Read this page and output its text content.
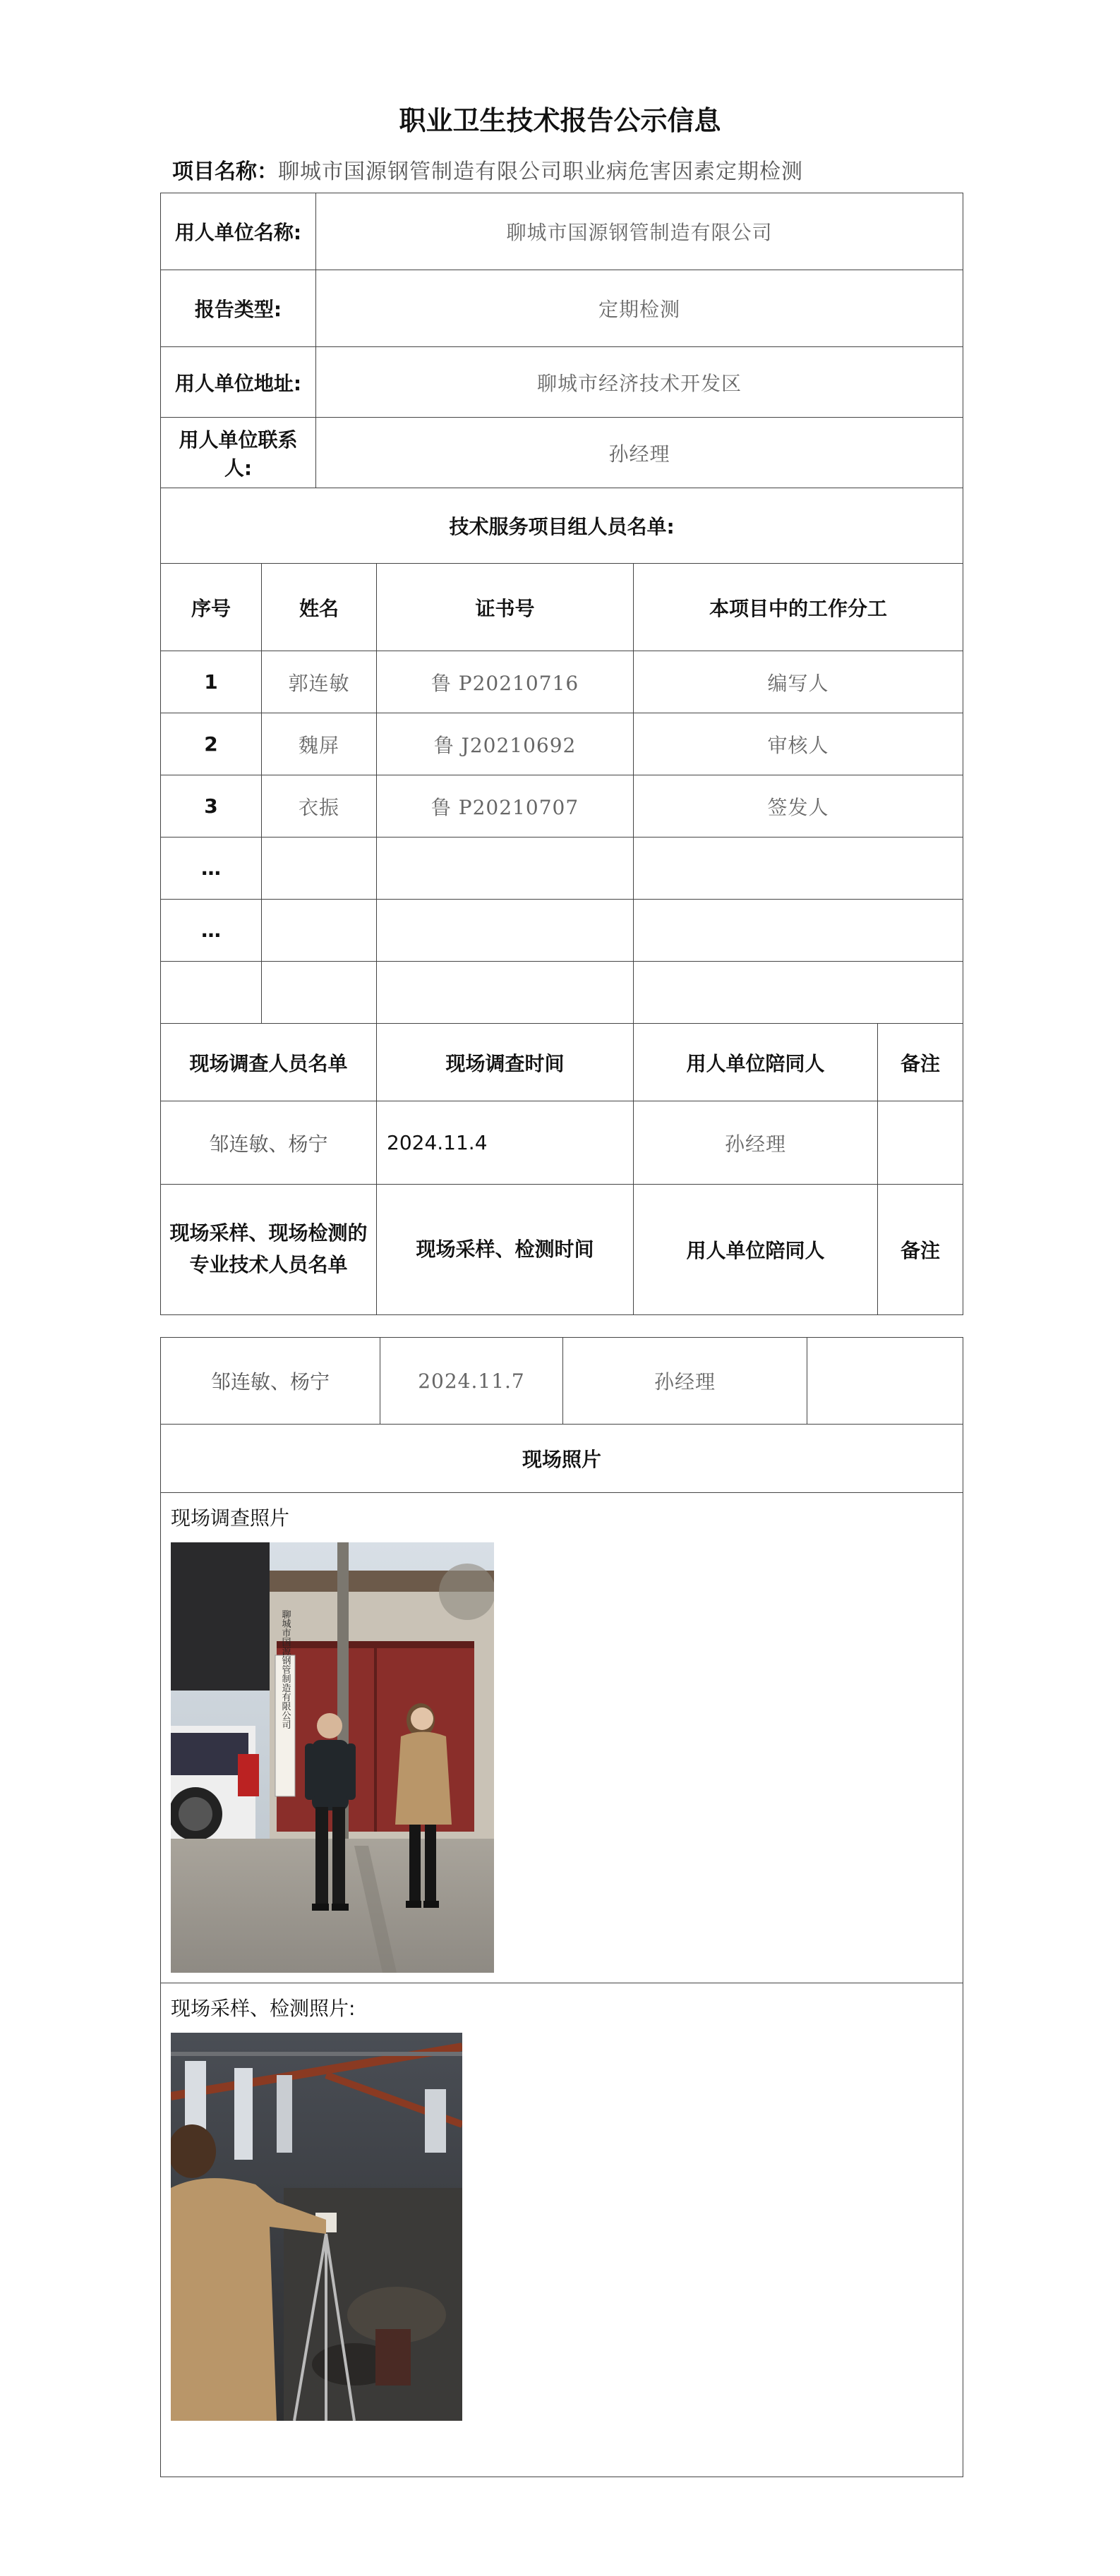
职业卫生技术报告公示信息
项目名称：聊城市国源钢管制造有限公司职业病危害因素定期检测
用人单位名称:		聊城市国源钢管制造有限公司			
报告类型:		定期检测			
用人单位地址:		聊城市经济技术开发区			
用人单位联系人:		孙经理			
技术服务项目组人员名单:					
序号	姓名		证书号	本项目中的工作分工	
1	郭连敏		鲁 P20210716	编写人	
2	魏屏		鲁 J20210692	审核人	
3	衣振		鲁 P20210707	签发人	
…					
…					

现场调查人员名单			现场调查时间	用人单位陪同人	备注
邹连敏、杨宁			2024.11.4	孙经理	
现场采样、现场检测的专业技术人员名单			现场采样、检测时间	用人单位陪同人	备注
邹连敏、杨宁	2024.11.7	孙经理	
现场照片

现场调查照片
聊城市国源钢管制造有限公司

现场采样、检测照片:
